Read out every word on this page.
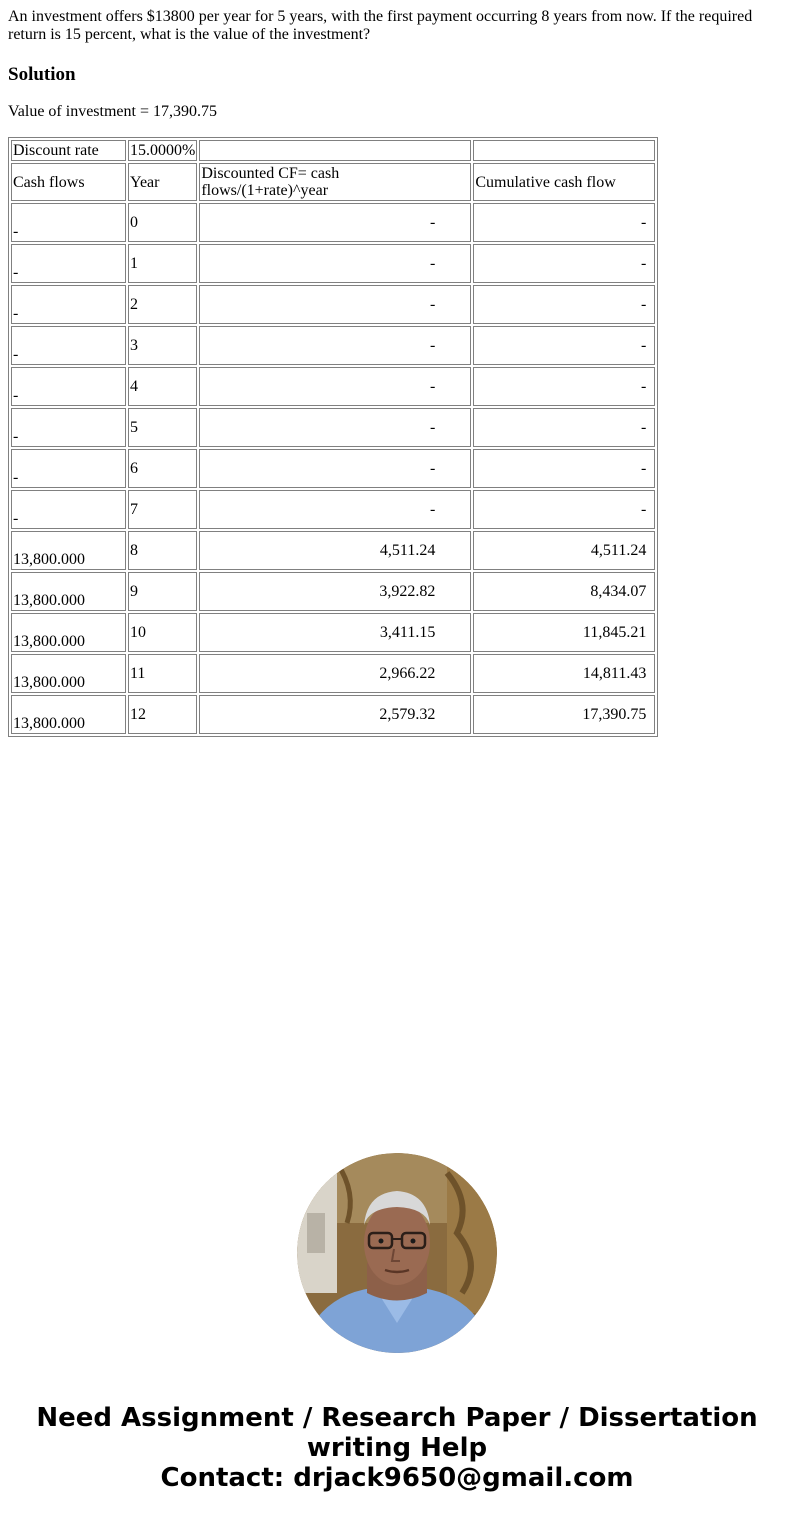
An investment offers $13800 per year for 5 years, with the first payment occurring 8 years from now. If the required return is 15 percent, what is the value of the investment?

Solution

Value of investment = 17,390.75

Discount rate	15.0000%		
Cash flows	Year	Discounted CF= cash flows/(1+rate)^year	Cumulative cash flow
-	0	-	-
-	1	-	-
-	2	-	-
-	3	-	-
-	4	-	-
-	5	-	-
-	6	-	-
-	7	-	-
13,800.000	8	4,511.24	4,511.24
13,800.000	9	3,922.82	8,434.07
13,800.000	10	3,411.15	11,845.21
13,800.000	11	2,966.22	14,811.43
13,800.000	12	2,579.32	17,390.75
Need Assignment / Research Paper / Dissertation
writing Help
Contact: drjack9650@gmail.com
